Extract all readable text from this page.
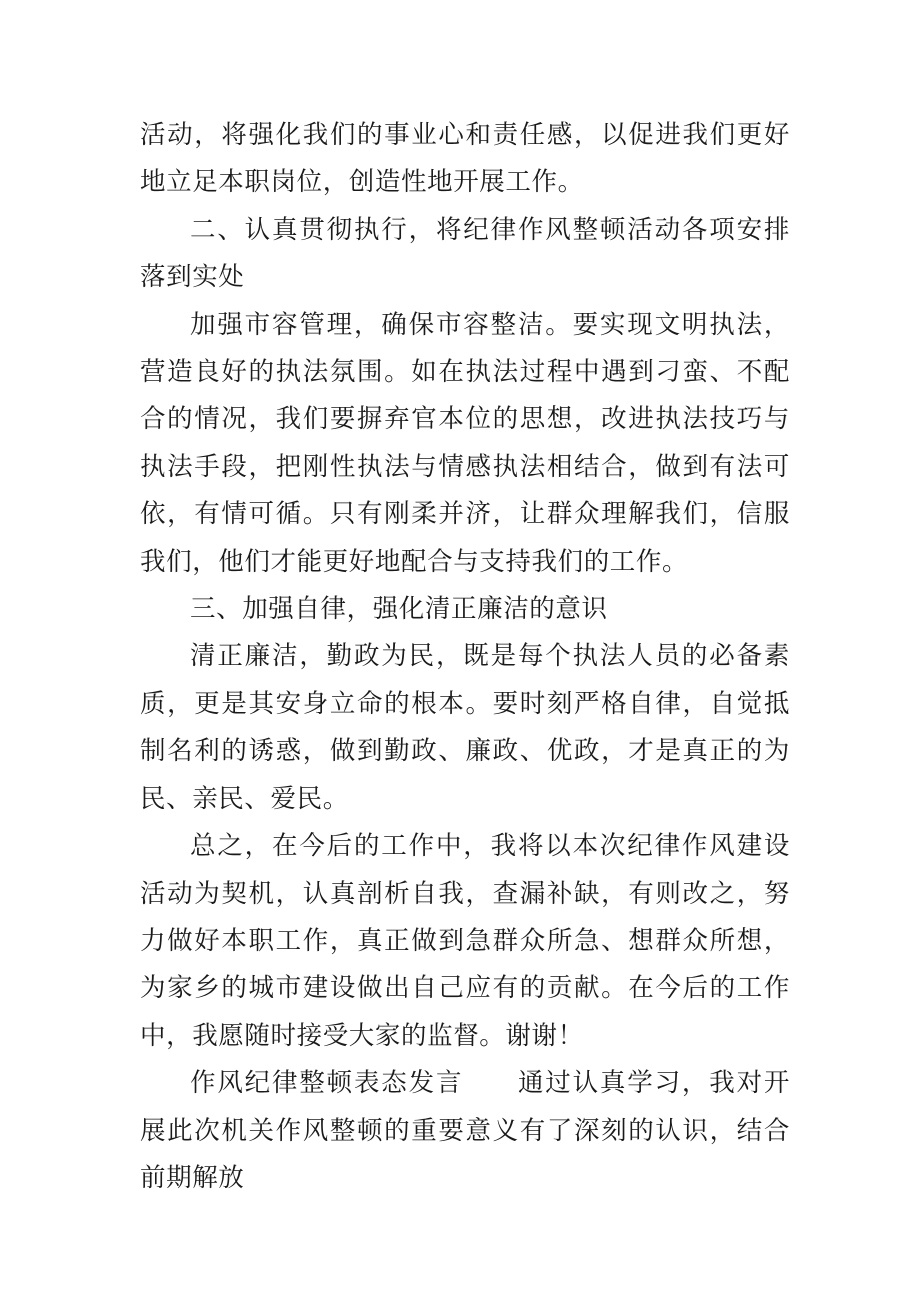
活动，将强化我们的事业心和责任感，以促进我们更好地立足本职岗位，创造性地开展工作。

二、认真贯彻执行，将纪律作风整顿活动各项安排落到实处

加强市容管理，确保市容整洁。要实现文明执法，营造良好的执法氛围。如在执法过程中遇到刁蛮、不配合的情况，我们要摒弃官本位的思想，改进执法技巧与执法手段，把刚性执法与情感执法相结合，做到有法可依，有情可循。只有刚柔并济，让群众理解我们，信服我们，他们才能更好地配合与支持我们的工作。

三、加强自律，强化清正廉洁的意识

清正廉洁，勤政为民，既是每个执法人员的必备素质，更是其安身立命的根本。要时刻严格自律，自觉抵制名利的诱惑，做到勤政、廉政、优政，才是真正的为民、亲民、爱民。

总之，在今后的工作中，我将以本次纪律作风建设活动为契机，认真剖析自我，查漏补缺，有则改之，努力做好本职工作，真正做到急群众所急、想群众所想，为家乡的城市建设做出自己应有的贡献。在今后的工作中，我愿随时接受大家的监督。谢谢！

作风纪律整顿表态发言　　通过认真学习，我对开展此次机关作风整顿的重要意义有了深刻的认识，结合前期解放
